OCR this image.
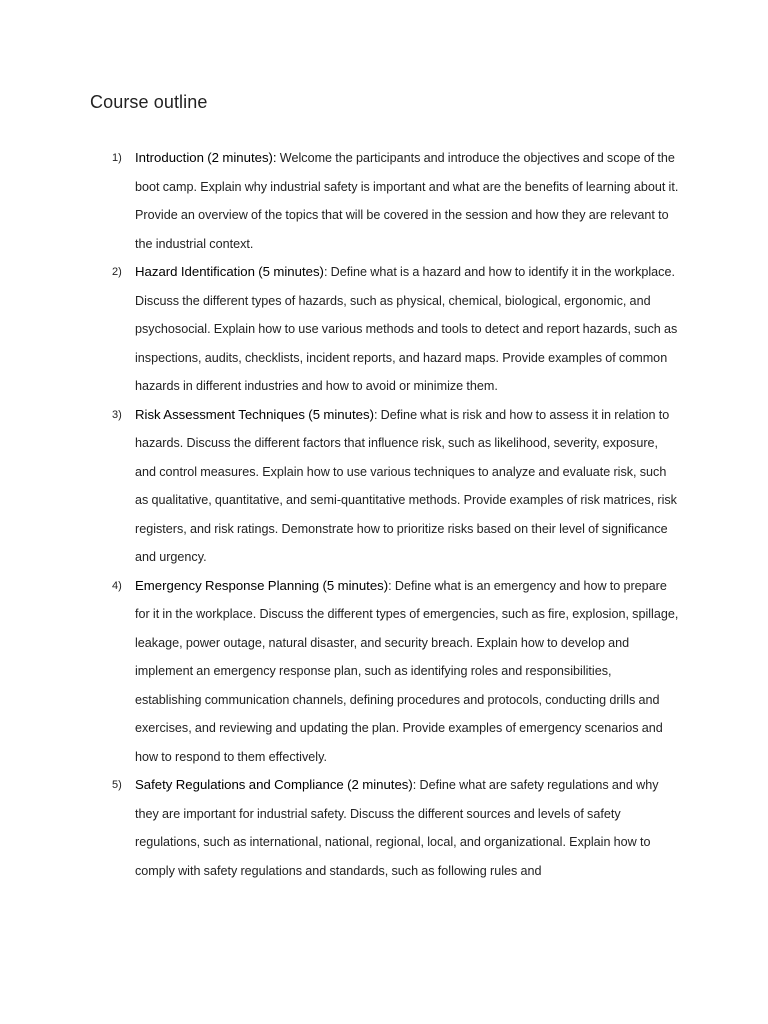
Course outline
1) Introduction (2 minutes): Welcome the participants and introduce the objectives and scope of the boot camp. Explain why industrial safety is important and what are the benefits of learning about it. Provide an overview of the topics that will be covered in the session and how they are relevant to the industrial context.
2) Hazard Identification (5 minutes): Define what is a hazard and how to identify it in the workplace. Discuss the different types of hazards, such as physical, chemical, biological, ergonomic, and psychosocial. Explain how to use various methods and tools to detect and report hazards, such as inspections, audits, checklists, incident reports, and hazard maps. Provide examples of common hazards in different industries and how to avoid or minimize them.
3) Risk Assessment Techniques (5 minutes): Define what is risk and how to assess it in relation to hazards. Discuss the different factors that influence risk, such as likelihood, severity, exposure, and control measures. Explain how to use various techniques to analyze and evaluate risk, such as qualitative, quantitative, and semi-quantitative methods. Provide examples of risk matrices, risk registers, and risk ratings. Demonstrate how to prioritize risks based on their level of significance and urgency.
4) Emergency Response Planning (5 minutes): Define what is an emergency and how to prepare for it in the workplace. Discuss the different types of emergencies, such as fire, explosion, spillage, leakage, power outage, natural disaster, and security breach. Explain how to develop and implement an emergency response plan, such as identifying roles and responsibilities, establishing communication channels, defining procedures and protocols, conducting drills and exercises, and reviewing and updating the plan. Provide examples of emergency scenarios and how to respond to them effectively.
5) Safety Regulations and Compliance (2 minutes): Define what are safety regulations and why they are important for industrial safety. Discuss the different sources and levels of safety regulations, such as international, national, regional, local, and organizational. Explain how to comply with safety regulations and standards, such as following rules and
